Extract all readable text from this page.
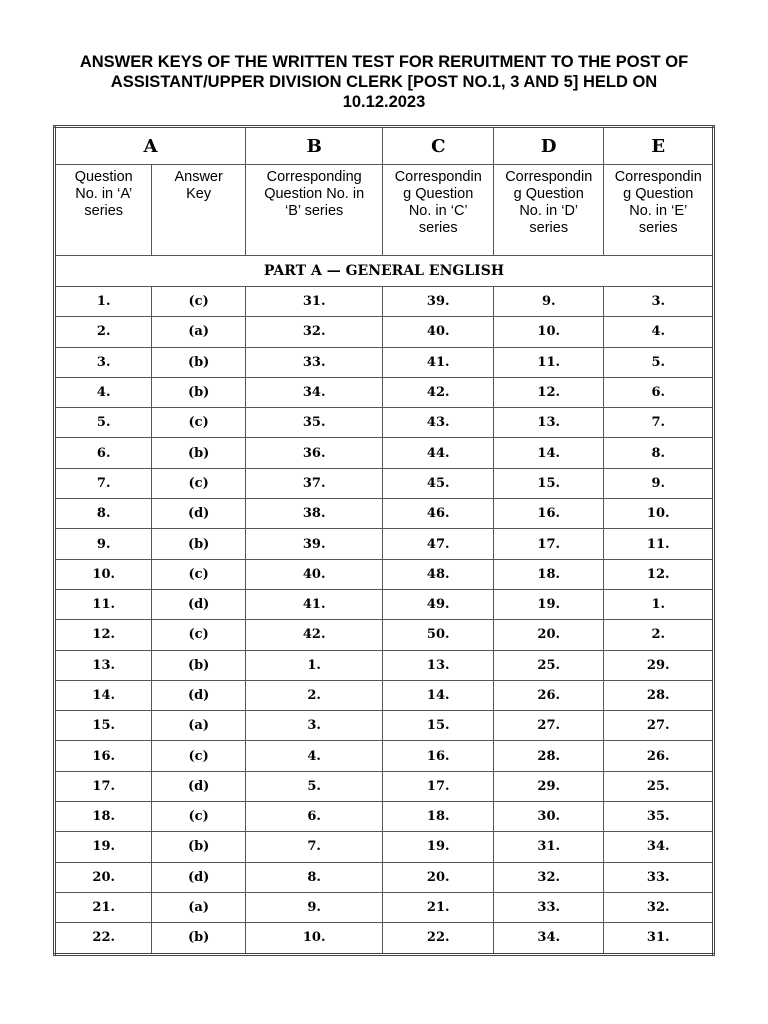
ANSWER KEYS OF THE WRITTEN TEST FOR RERUITMENT TO THE POST OF
ASSISTANT/UPPER DIVISION CLERK [POST NO.1, 3 AND 5] HELD ON
10.12.2023
A		B	C	D	E

Question
No. in ‘A’
series	Answer
Key	Corresponding
Question No. in
‘B’ series	Correspondin
g Question
No. in ‘C’
series	Correspondin
g Question
No. in ‘D’
series	Correspondin
g Question
No. in ‘E’
series

PART A — GENERAL ENGLISH					
1.	(c)	31.	39.	9.	3.
2.	(a)	32.	40.	10.	4.
3.	(b)	33.	41.	11.	5.
4.	(b)	34.	42.	12.	6.
5.	(c)	35.	43.	13.	7.
6.	(b)	36.	44.	14.	8.
7.	(c)	37.	45.	15.	9.
8.	(d)	38.	46.	16.	10.
9.	(b)	39.	47.	17.	11.
10.	(c)	40.	48.	18.	12.
11.	(d)	41.	49.	19.	1.
12.	(c)	42.	50.	20.	2.
13.	(b)	1.	13.	25.	29.
14.	(d)	2.	14.	26.	28.
15.	(a)	3.	15.	27.	27.
16.	(c)	4.	16.	28.	26.
17.	(d)	5.	17.	29.	25.
18.	(c)	6.	18.	30.	35.
19.	(b)	7.	19.	31.	34.
20.	(d)	8.	20.	32.	33.
21.	(a)	9.	21.	33.	32.
22.	(b)	10.	22.	34.	31.
